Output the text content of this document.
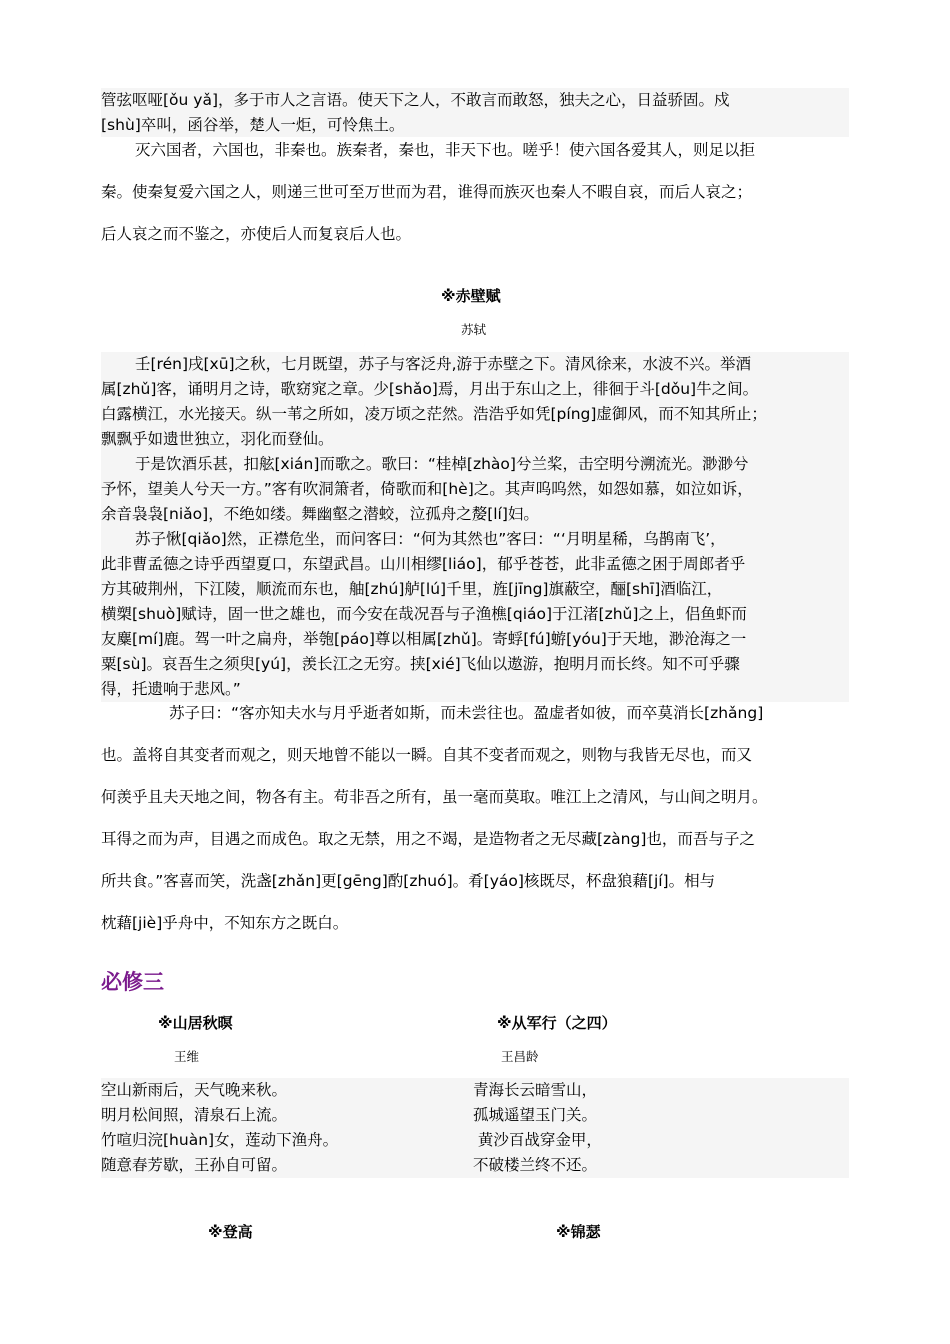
管弦呕哑[ǒu yǎ]，多于市人之言语。使天下之人，不敢言而敢怒，独夫之心，日益骄固。戍
[shù]卒叫，函谷举，楚人一炬，可怜焦土。
灭六国者，六国也，非秦也。族秦者，秦也，非天下也。嗟乎！使六国各爱其人，则足以拒
秦。使秦复爱六国之人，则递三世可至万世而为君，谁得而族灭也秦人不暇自哀，而后人哀之；
后人哀之而不鉴之，亦使后人而复哀后人也。
※赤壁赋
苏轼
壬[rén]戌[xū]之秋，七月既望，苏子与客泛舟,游于赤壁之下。清风徐来，水波不兴。举酒
属[zhǔ]客，诵明月之诗，歌窈窕之章。少[shǎo]焉，月出于东山之上，徘徊于斗[dǒu]牛之间。
白露横江，水光接天。纵一苇之所如，凌万顷之茫然。浩浩乎如凭[píng]虚御风，而不知其所止；
飘飘乎如遗世独立，羽化而登仙。
于是饮酒乐甚，扣舷[xián]而歌之。歌曰：“桂棹[zhào]兮兰桨，击空明兮溯流光。渺渺兮
予怀，望美人兮天一方。”客有吹洞箫者，倚歌而和[hè]之。其声呜呜然，如怨如慕，如泣如诉，
余音袅袅[niǎo]，不绝如缕。舞幽壑之潜蛟，泣孤舟之嫠[lí]妇。
苏子愀[qiǎo]然，正襟危坐，而问客曰：“何为其然也”客曰：“‘月明星稀，乌鹊南飞’，
此非曹孟德之诗乎西望夏口，东望武昌。山川相缪[liáo]，郁乎苍苍，此非孟德之困于周郎者乎
方其破荆州，下江陵，顺流而东也，舳[zhú]舻[lú]千里，旌[jīng]旗蔽空，酾[shī]酒临江，
横槊[shuò]赋诗，固一世之雄也，而今安在哉况吾与子渔樵[qiáo]于江渚[zhǔ]之上，侣鱼虾而
友麋[mí]鹿。驾一叶之扁舟，举匏[páo]尊以相属[zhǔ]。寄蜉[fú]蝣[yóu]于天地，渺沧海之一
粟[sù]。哀吾生之须臾[yú]，羡长江之无穷。挟[xié]飞仙以遨游，抱明月而长终。知不可乎骤
得，托遗响于悲风。”
苏子曰：“客亦知夫水与月乎逝者如斯，而未尝往也。盈虚者如彼，而卒莫消长[zhǎng]
也。盖将自其变者而观之，则天地曾不能以一瞬。自其不变者而观之，则物与我皆无尽也，而又
何羡乎且夫天地之间，物各有主。苟非吾之所有，虽一毫而莫取。唯江上之清风，与山间之明月。
耳得之而为声，目遇之而成色。取之无禁，用之不竭，是造物者之无尽藏[zàng]也，而吾与子之
所共食。”客喜而笑，洗盏[zhǎn]更[gēng]酌[zhuó]。肴[yáo]核既尽，杯盘狼藉[jí]。相与
枕藉[jiè]乎舟中，不知东方之既白。
必修三
※山居秋暝
王维
※从军行（之四）
王昌龄
空山新雨后，天气晚来秋。
明月松间照，清泉石上流。
竹喧归浣[huàn]女，莲动下渔舟。
随意春芳歇，王孙自可留。
青海长云暗雪山，
孤城遥望玉门关。
黄沙百战穿金甲，
不破楼兰终不还。
※登高	※锦瑟
